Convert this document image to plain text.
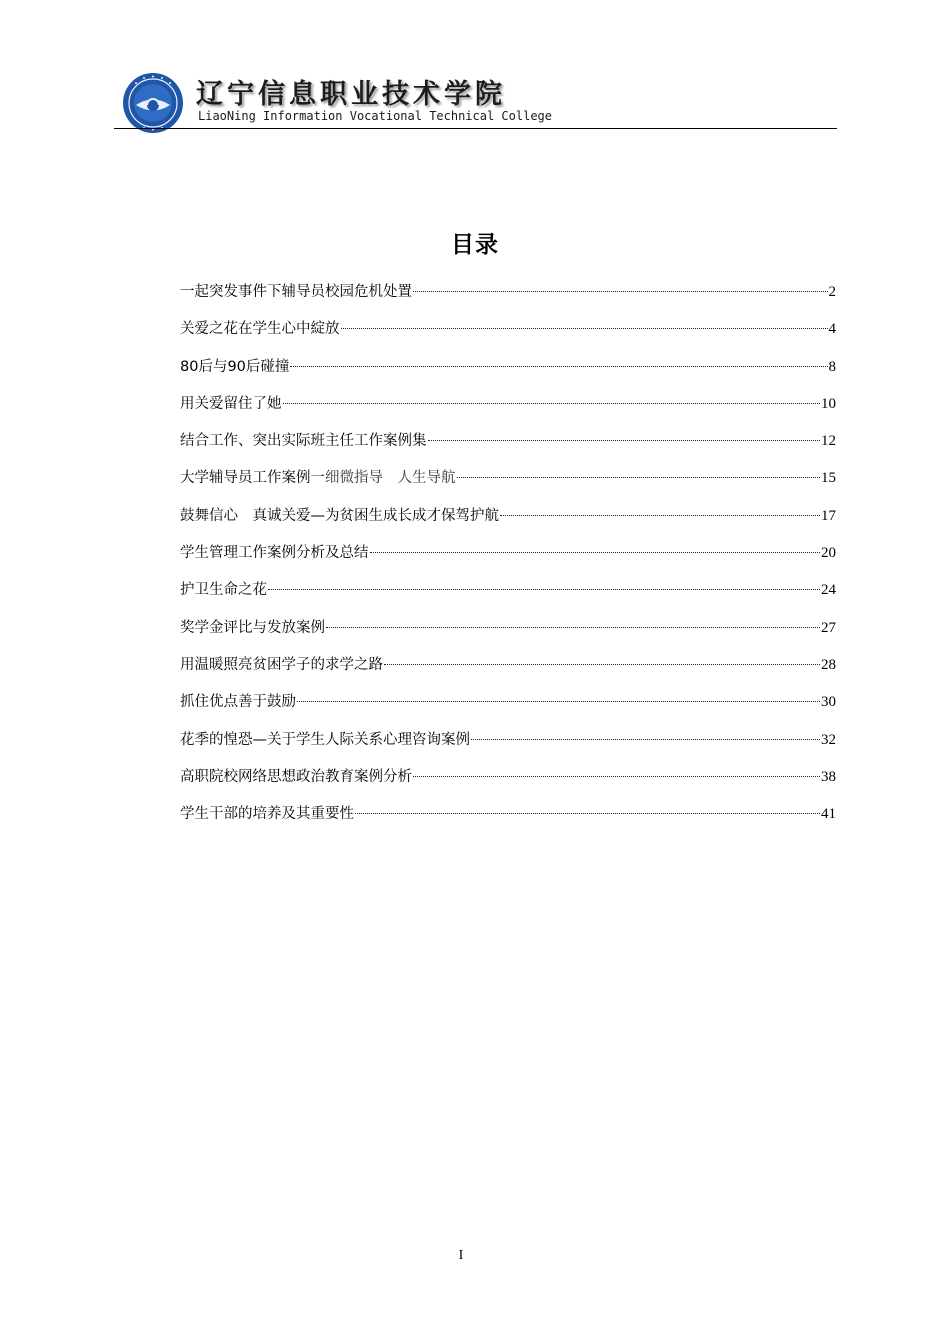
辽宁信息职业技术学院
LiaoNing Information Vocational Technical College
目录
一起突发事件下辅导员校园危机处置	2
关爱之花在学生心中綻放	4
80后与90后碰撞	8
用关爱留住了她	10
结合工作、突出实际班主任工作案例集	12
大学辅导员工作案例一细微指导　人生导航	15
鼓舞信心　真诚关爱—为贫困生成长成才保驾护航	17
学生管理工作案例分析及总结	20
护卫生命之花	24
奖学金评比与发放案例	27
用温暖照亮贫困学子的求学之路	28
抓住优点善于鼓励	30
花季的惶恐—关于学生人际关系心理咨询案例	32
高职院校网络思想政治教育案例分析	38
学生干部的培养及其重要性	41
I
